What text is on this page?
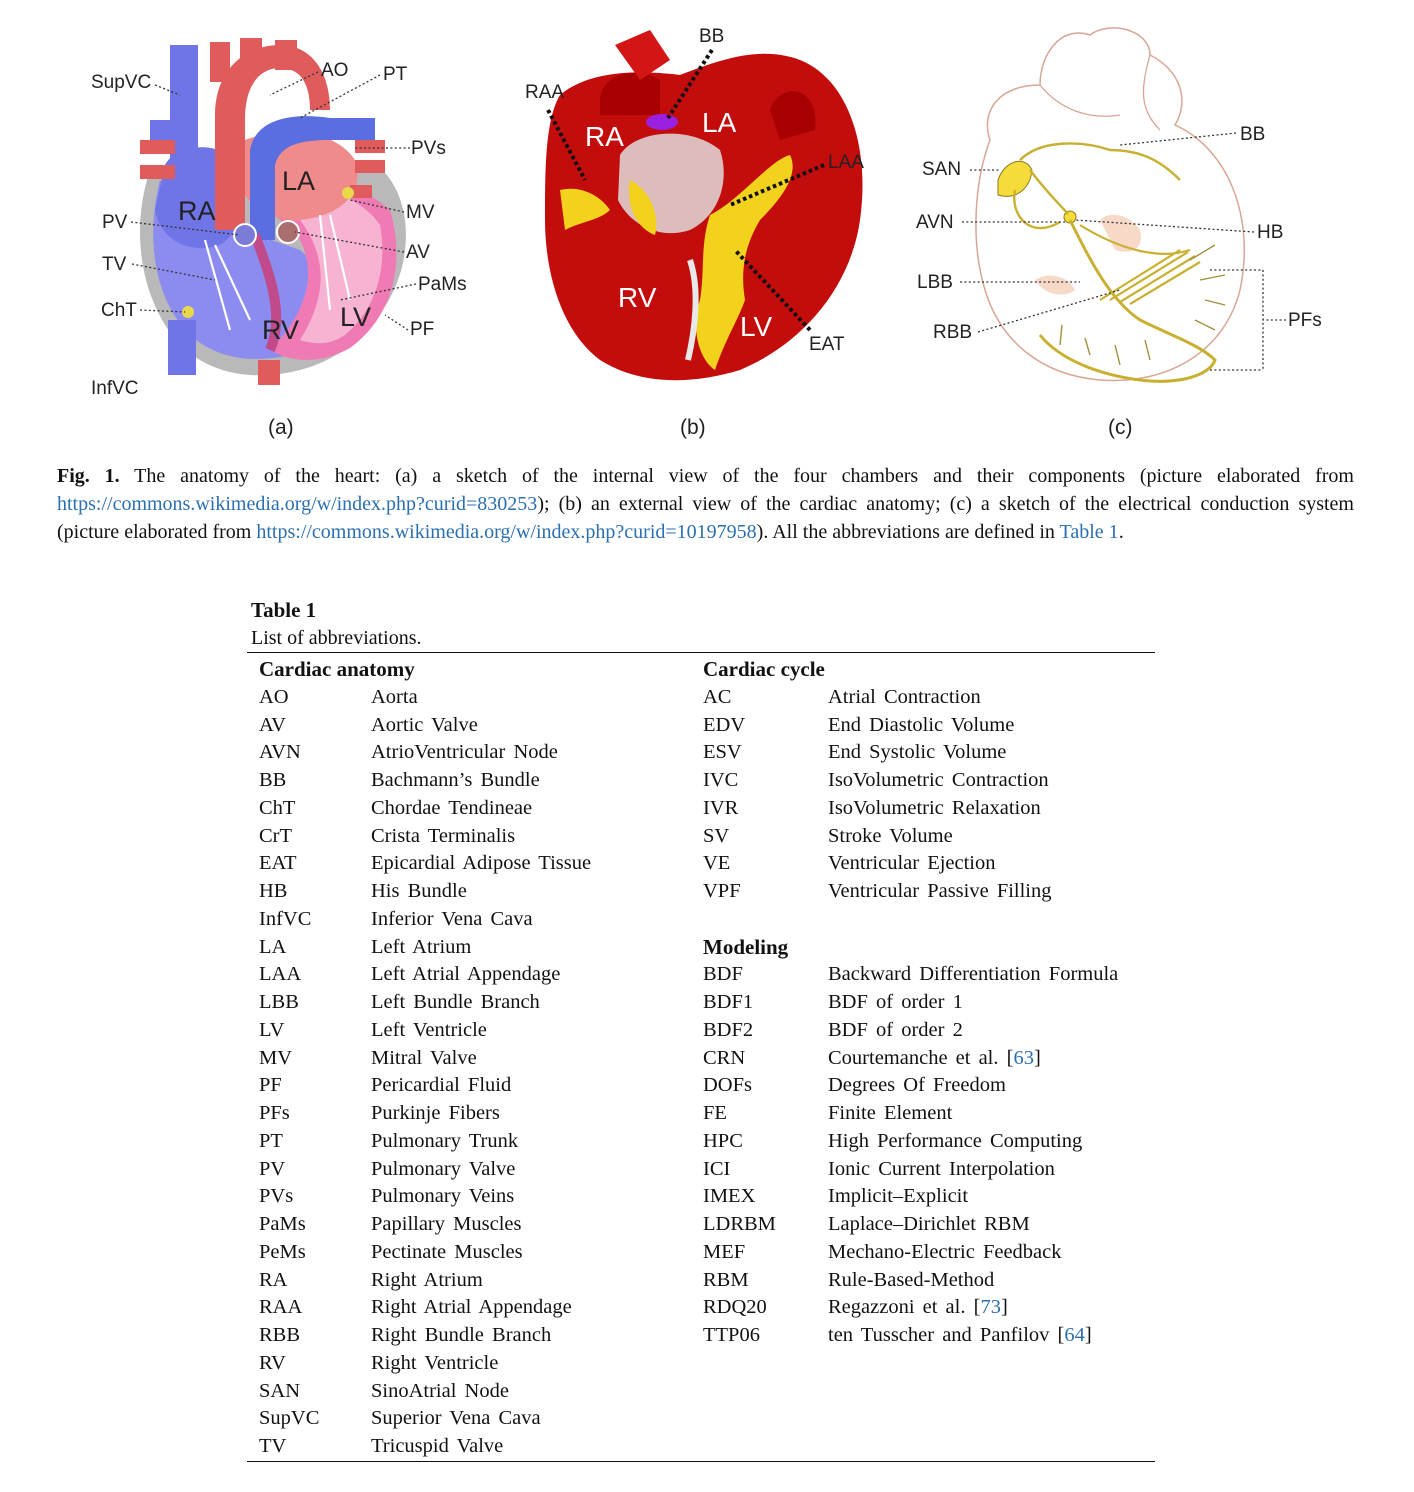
RA
LA
RV LV
SupVC
AO PT
PVs
MV
PV
AV
TV
PaMs
ChT
PF
InfVC
(a)
RA	LA
RV
LV
BB
RAA
LAA
EAT
(b)
SAN
AVN
LBB
RBB
BB
HB
PFs
(c)

Fig. 1. The anatomy of the heart: (a) a sketch of the internal view of the four chambers and their components (picture elaborated from https://commons.wikimedia.org/w/index.php?curid=830253); (b) an external view of the cardiac anatomy; (c) a sketch of the electrical conduction system (picture elaborated from https://commons.wikimedia.org/w/index.php?curid=10197958). All the abbreviations are defined in Table 1.

Table 1
List of abbreviations.
Cardiac anatomy
AO	Aorta
AV	Aortic Valve
AVN	AtrioVentricular Node
BB	Bachmann’s Bundle
ChT	Chordae Tendineae
CrT	Crista Terminalis
EAT	Epicardial Adipose Tissue
HB	His Bundle
InfVC	Inferior Vena Cava
LA	Left Atrium
LAA	Left Atrial Appendage
LBB	Left Bundle Branch
LV	Left Ventricle
MV	Mitral Valve
PF	Pericardial Fluid
PFs	Purkinje Fibers
PT	Pulmonary Trunk
PV	Pulmonary Valve
PVs	Pulmonary Veins
PaMs	Papillary Muscles
PeMs	Pectinate Muscles
RA	Right Atrium
RAA	Right Atrial Appendage
RBB	Right Bundle Branch
RV	Right Ventricle
SAN	SinoAtrial Node
SupVC	Superior Vena Cava
TV	Tricuspid Valve
Cardiac cycle
AC	Atrial Contraction
EDV	End Diastolic Volume
ESV	End Systolic Volume
IVC	IsoVolumetric Contraction
IVR	IsoVolumetric Relaxation
SV	Stroke Volume
VE	Ventricular Ejection
VPF	Ventricular Passive Filling
Modeling
BDF	Backward Differentiation Formula
BDF1	BDF of order 1
BDF2	BDF of order 2
CRN	Courtemanche et al. [63]
DOFs	Degrees Of Freedom
FE	Finite Element
HPC	High Performance Computing
ICI	Ionic Current Interpolation
IMEX	Implicit–Explicit
LDRBM	Laplace–Dirichlet RBM
MEF	Mechano-Electric Feedback
RBM	Rule-Based-Method
RDQ20	Regazzoni et al. [73]
TTP06	ten Tusscher and Panfilov [64]
